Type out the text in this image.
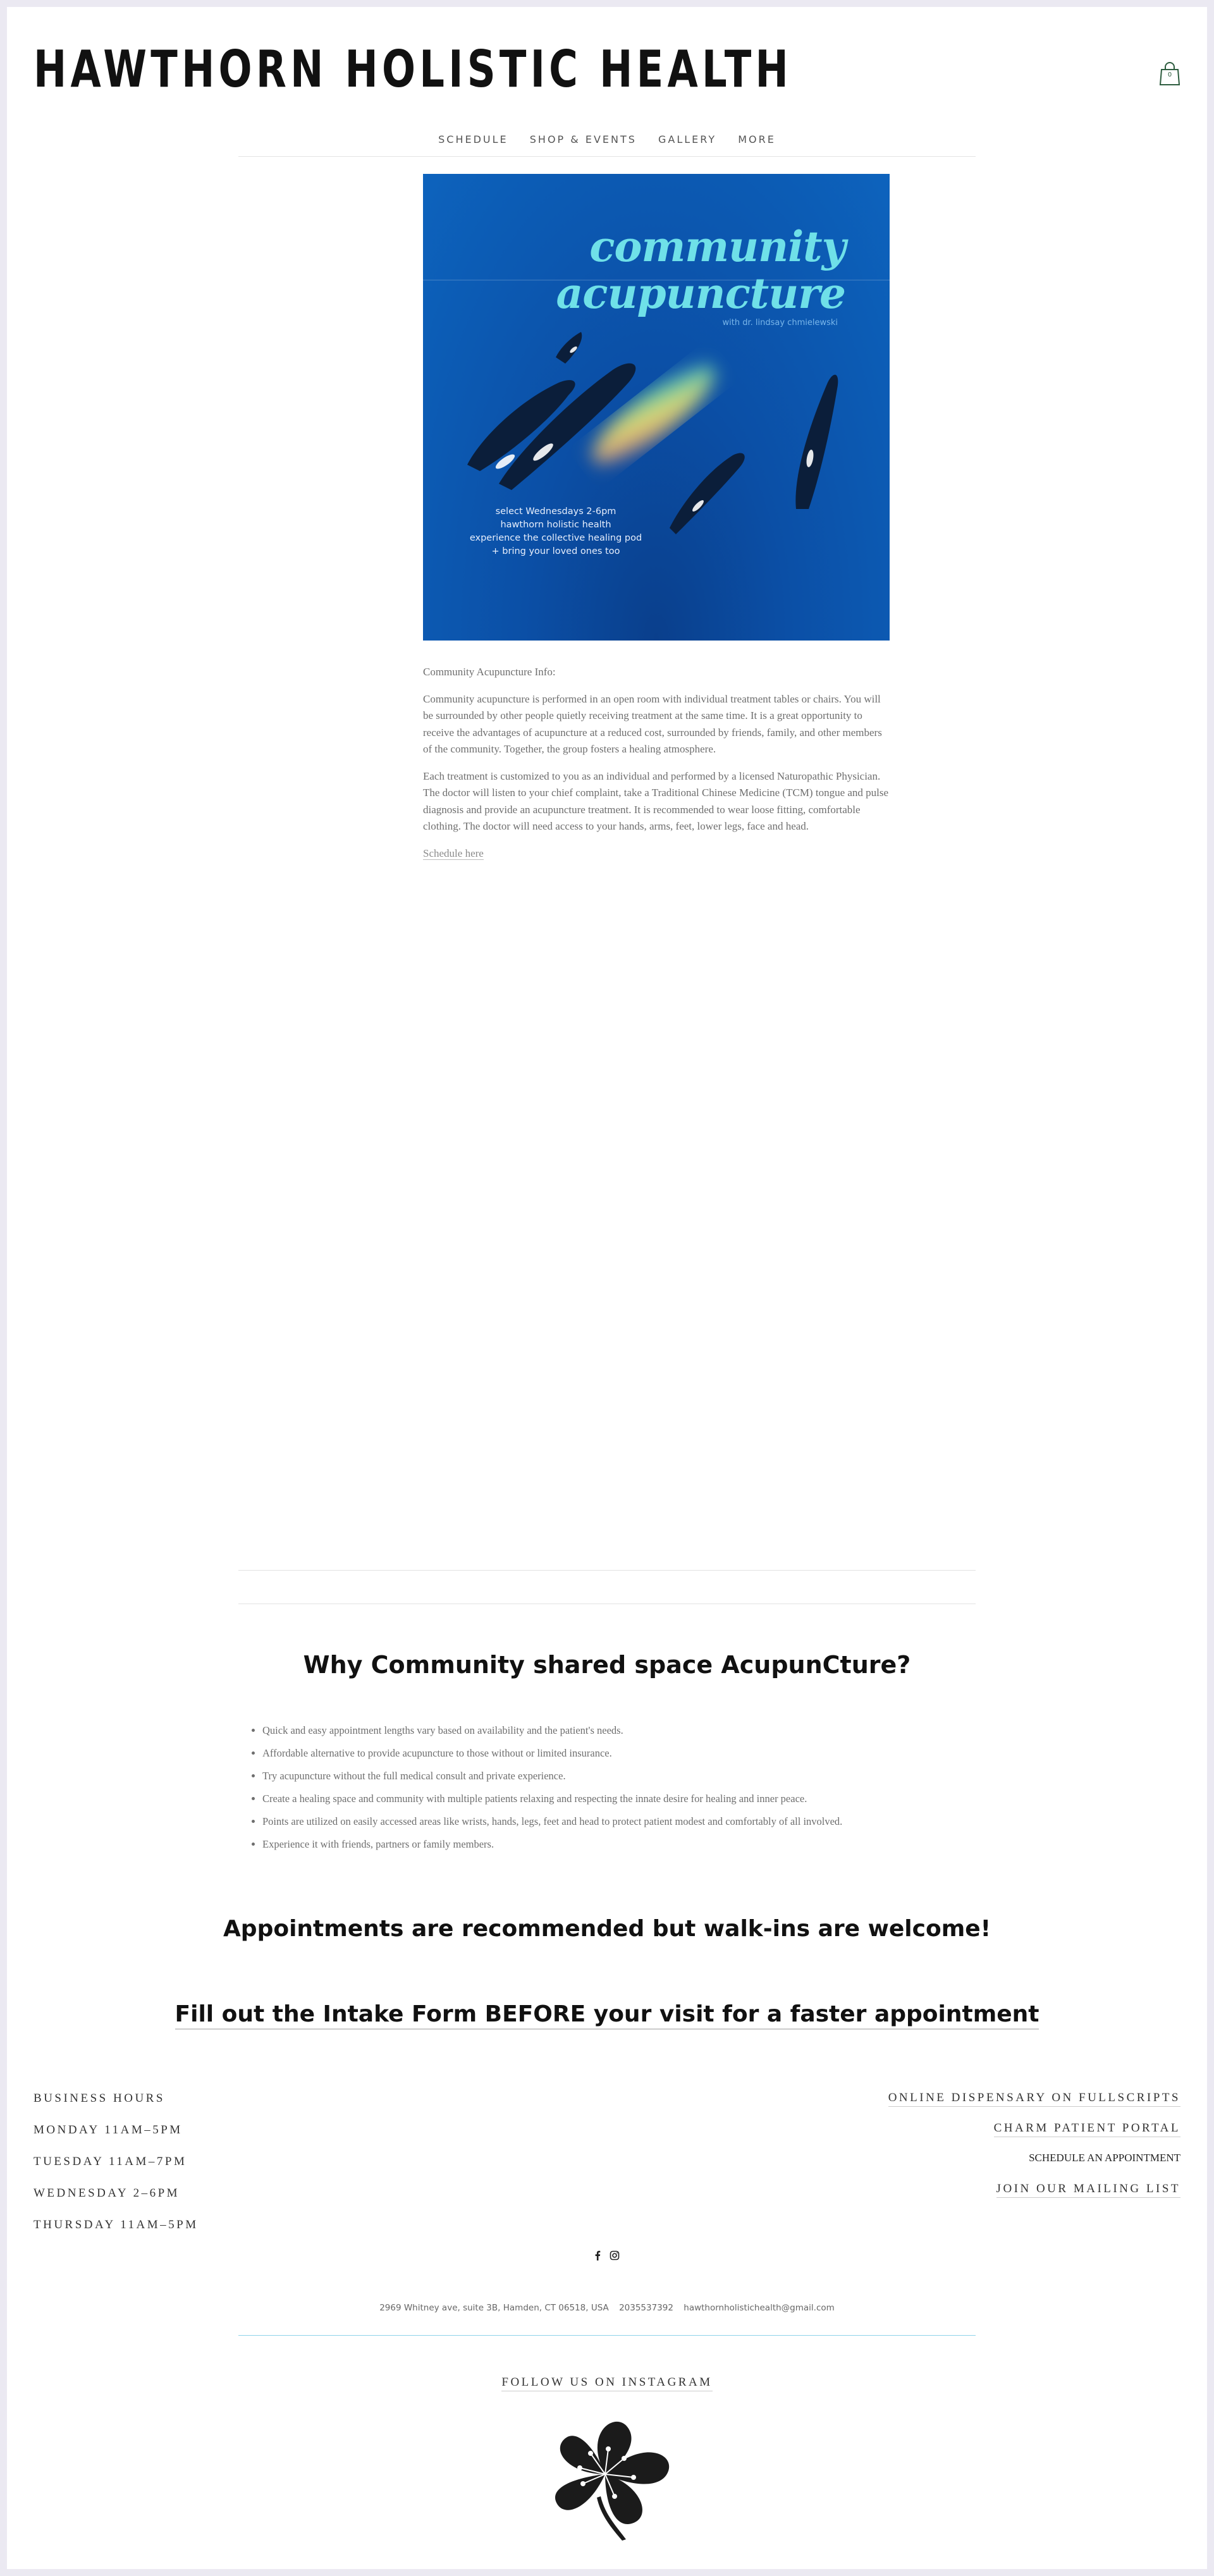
HAWTHORN HOLISTIC HEALTH	0
SCHEDULE SHOP & EVENTS GALLERY MORE
community
acupuncture
with dr. lindsay chmielewski
select Wednesdays 2-6pm
hawthorn holistic health
experience the collective healing pod
+ bring your loved ones too

Community Acupuncture Info:

Community acupuncture is performed in an open room with individual treatment tables or chairs. You will be surrounded by other people quietly receiving treatment at the same time. It is a great opportunity to receive the advantages of acupuncture at a reduced cost, surrounded by friends, family, and other members of the community. Together, the group fosters a healing atmosphere.

Each treatment is customized to you as an individual and performed by a licensed Naturopathic Physician. The doctor will listen to your chief complaint, take a Traditional Chinese Medicine (TCM) tongue and pulse diagnosis and provide an acupuncture treatment. It is recommended to wear loose fitting, comfortable clothing. The doctor will need access to your hands, arms, feet, lower legs, face and head.

Schedule here

Why Community shared space AcupunCture?
• Quick and easy appointment lengths vary based on availability and the patient's needs.
• Affordable alternative to provide acupuncture to those without or limited insurance.
• Try acupuncture without the full medical consult and private experience.
• Create a healing space and community with multiple patients relaxing and respecting the innate desire for healing and inner peace.
• Points are utilized on easily accessed areas like wrists, hands, legs, feet and head to protect patient modest and comfortably of all involved.
• Experience it with friends, partners or family members.
Appointments are recommended but walk-ins are welcome!
Fill out the Intake Form BEFORE your visit for a faster appointment
BUSINESS HOURS
MONDAY 11AM–5PM
TUESDAY 11AM–7PM
WEDNESDAY 2–6PM
THURSDAY 11AM–5PM
ONLINE DISPENSARY ON FULLSCRIPTS
CHARM PATIENT PORTAL
SCHEDULE AN APPOINTMENT
JOIN OUR MAILING LIST

2969 Whitney ave, suite 3B, Hamden, CT 06518, USA 2035537392 hawthornholistichealth@gmail.com
FOLLOW US ON INSTAGRAM
